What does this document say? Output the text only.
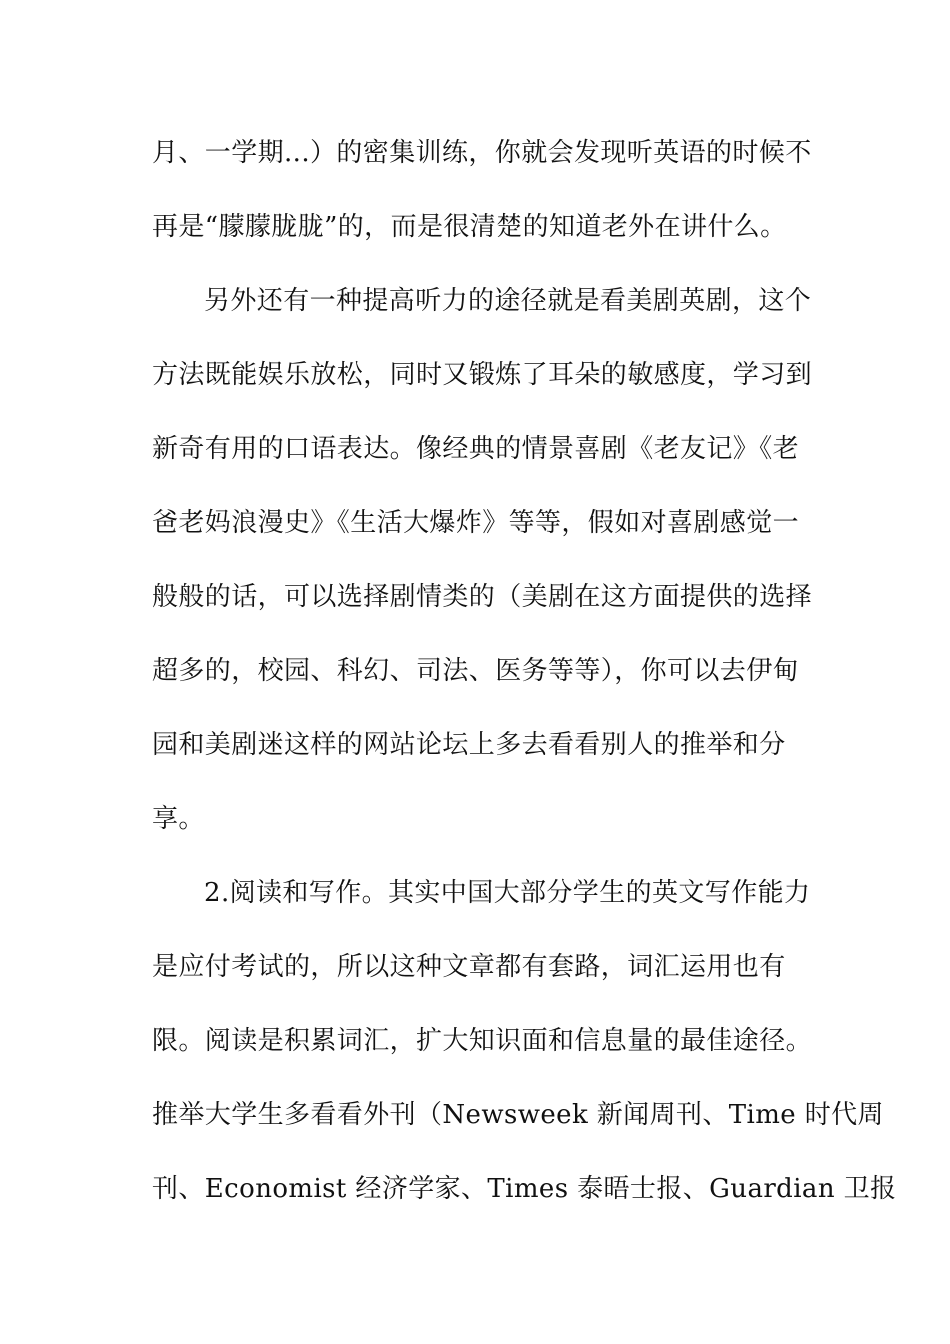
月、一学期...）的密集训练，你就会发现听英语的时候不
再是“朦朦胧胧”的，而是很清楚的知道老外在讲什么。
另外还有一种提高听力的途径就是看美剧英剧，这个
方法既能娱乐放松，同时又锻炼了耳朵的敏感度，学习到
新奇有用的口语表达。像经典的情景喜剧《老友记》《老
爸老妈浪漫史》《生活大爆炸》等等，假如对喜剧感觉一
般般的话，可以选择剧情类的（美剧在这方面提供的选择
超多的，校园、科幻、司法、医务等等），你可以去伊甸
园和美剧迷这样的网站论坛上多去看看别人的推举和分
享。
2.阅读和写作。其实中国大部分学生的英文写作能力
是应付考试的，所以这种文章都有套路，词汇运用也有
限。阅读是积累词汇，扩大知识面和信息量的最佳途径。
推举大学生多看看外刊（Newsweek 新闻周刊、Time 时代周
刊、Economist 经济学家、Times 泰晤士报、Guardian 卫报
